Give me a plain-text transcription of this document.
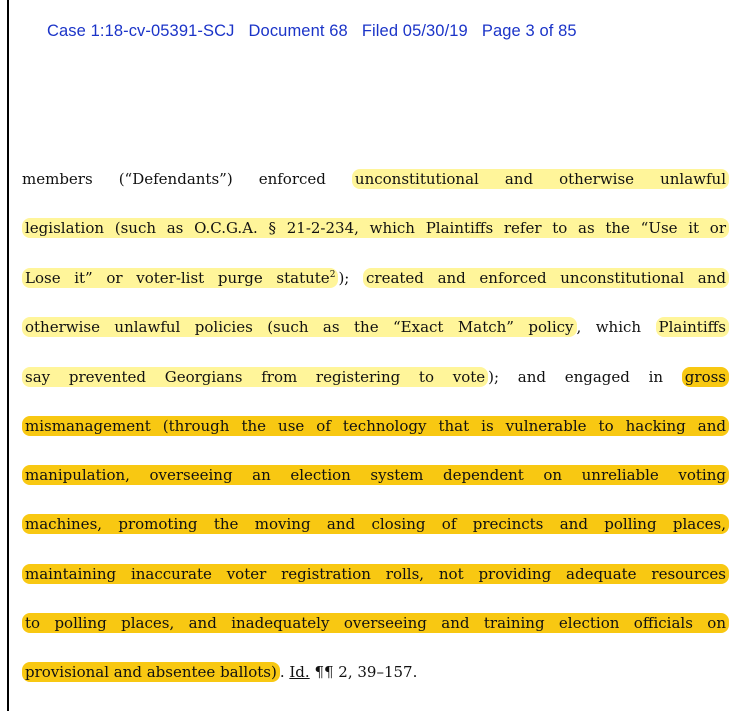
Case 1:18-cv-05391-SCJ Document 68 Filed 05/30/19 Page 3 of 85
members (“Defendants”) enforced unconstitutional and otherwise unlawful
legislation (such as O.C.G.A. § 21-2-234, which Plaintiffs refer to as the “Use it or
Lose it” or voter-list purge statute$^2$ ); created and enforced unconstitutional and
otherwise unlawful policies (such as the “Exact Match” policy , which Plaintiffs
say prevented Georgians from registering to vote ); and engaged in gross
mismanagement (through the use of technology that is vulnerable to hacking and
manipulation, overseeing an election system dependent on unreliable voting
machines, promoting the moving and closing of precincts and polling places,
maintaining inaccurate voter registration rolls, not providing adequate resources
to polling places, and inadequately overseeing and training election officials on
provisional and absentee ballots) . Id. ¶¶ 2, 39–157.
